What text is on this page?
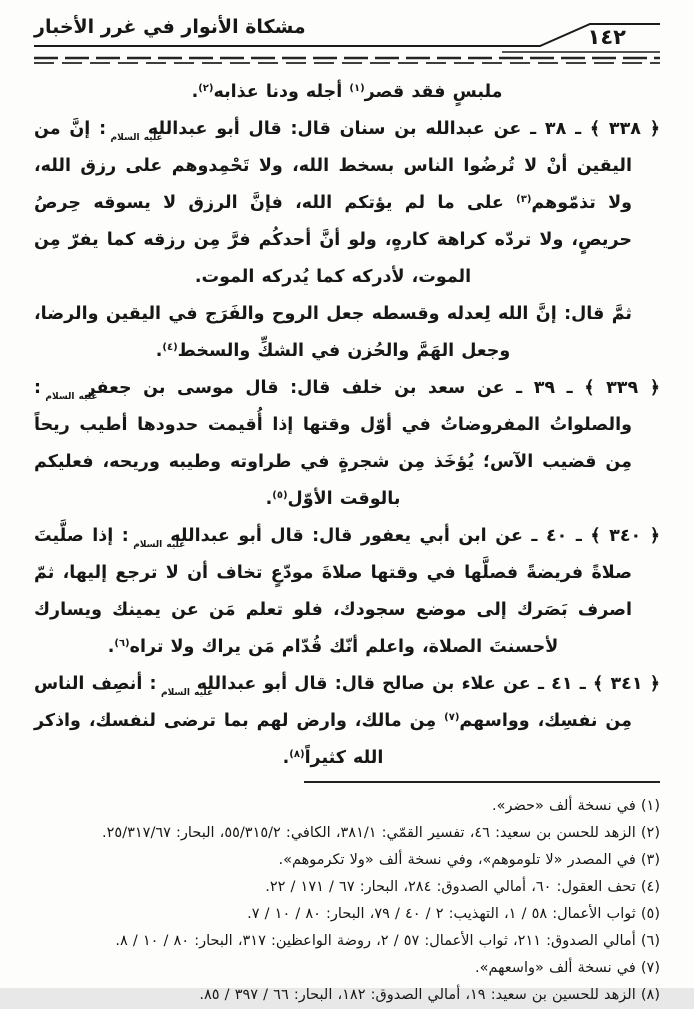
مشكاة الأنوار في غرر الأخبار	١٤٢

ملبسٍ فقد قصر$^{(١)}$ أجله ودنا عذابه$^{(٢)}$.

﴿ ٣٣٨ ﴾ ـ ٣٨ ـ عن عبدالله بن سنان قال: قال أبو عبدالله عليه السلام: إنَّ من اليقين أنْ لا تُرضُوا الناس بسخط الله، ولا تَحْمِدوهم على رزق الله، ولا تذمّوهم$^{(٣)}$ على ما لم يؤتكم الله، فإنَّ الرزق لا يسوقه حِرصُ حريصٍ، ولا تردّه كراهة كارهٍ، ولو أنَّ أحدكُم فرَّ مِن رزقه كما يفرّ مِن الموت، لأدركه كما يُدركه الموت.

ثمَّ قال: إنَّ الله لِعدله وقسطه جعل الروح والفَرَج في اليقين والرضا، وجعل الهَمَّ والحُزن في الشكِّ والسخط$^{(٤)}$.

﴿ ٣٣٩ ﴾ ـ ٣٩ ـ عن سعد بن خلف قال: قال موسى بن جعفر عليه السلام: والصلواتُ المفروضاتُ في أوّل وقتها إذا أُقيمت حدودها أطيب ريحاً مِن قضيب الآس؛ يُؤخَذ مِن شجرةٍ في طراوته وطيبه وريحه، فعليكم بالوقت الأوّل$^{(٥)}$.

﴿ ٣٤٠ ﴾ ـ ٤٠ ـ عن ابن أبي يعفور قال: قال أبو عبدالله عليه السلام: إذا صلَّيتَ صلاةً فريضةً فصلَّها في وقتها صلاةَ مودّعٍ تخاف أن لا ترجع إليها، ثمّ اصرف بَصَرك إلى موضع سجودك، فلو تعلم مَن عن يمينك ويسارك لأحسنتَ الصلاة، واعلم أنّك قُدّام مَن يراك ولا تراه$^{(٦)}$.

﴿ ٣٤١ ﴾ ـ ٤١ ـ عن علاء بن صالح قال: قال أبو عبدالله عليه السلام: أنصِف الناس مِن نفسِك، وواسهم$^{(٧)}$ مِن مالك، وارض لهم بما ترضى لنفسك، واذكر الله كثيراً$^{(٨)}$.

(١) في نسخة ألف «حضر».

(٢) الزهد للحسن بن سعيد: ٤٦، تفسير القمّي: ٣٨١/١، الكافي: ٥٥/٣١٥/٢، البحار: ٢٥/٣١٧/٦٧.

(٣) في المصدر «لا تلوموهم»، وفي نسخة ألف «ولا تكرموهم».

(٤) تحف العقول: ٦٠، أمالي الصدوق: ٢٨٤، البحار: ٦٧ / ١٧١ / ٢٢.

(٥) ثواب الأعمال: ٥٨ / ١، التهذيب: ٢ / ٤٠ / ٧٩، البحار: ٨٠ / ١٠ / ٧.

(٦) أمالي الصدوق: ٢١١، ثواب الأعمال: ٥٧ / ٢، روضة الواعظين: ٣١٧، البحار: ٨٠ / ١٠ / ٨.

(٧) في نسخة ألف «واسعهم».

(٨) الزهد للحسين بن سعيد: ١٩، أمالي الصدوق: ١٨٢، البحار: ٦٦ / ٣٩٧ / ٨٥.
